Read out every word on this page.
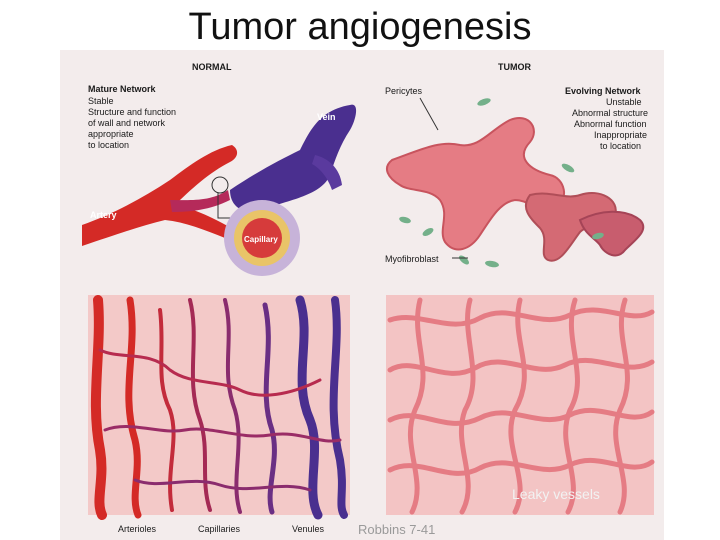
Tumor angiogenesis
NORMAL
Mature Network
Stable
Structure and function
of wall and network
appropriate
to location
Vein
Artery
Capillary
TUMOR
Pericytes	Evolving Network
Unstable
Abnormal structure
Abnormal function
Inappropriate
to location
Myofibroblast
Arterioles	Capillaries	Venules
Leaky vessels
Robbins 7-41
